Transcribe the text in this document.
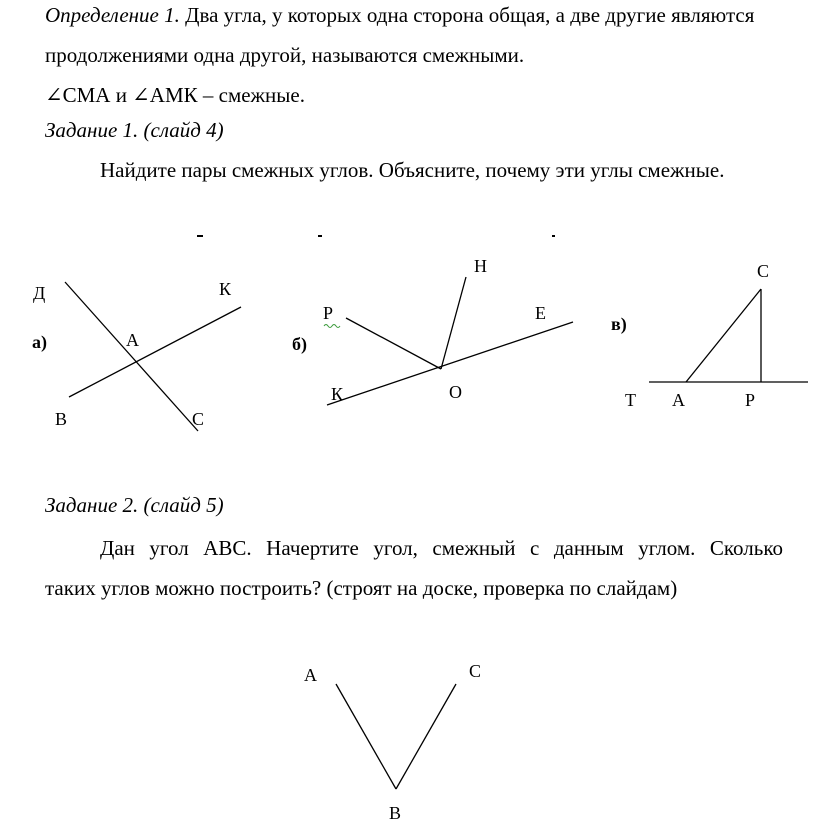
Определение 1. Два угла, у которых одна сторона общая, а две другие являются
продолжениями одна другой, называются смежными.
∠СМА и ∠АМК – смежные.
Задание 1. (слайд 4)
Найдите пары смежных углов. Объясните, почему эти углы смежные.
а)
Д	К
А
В	С
б)
Н
Р	Е
К	О
в)
С
Т А	Р
Задание 2. (слайд 5)
Дан угол АВС. Начертите угол, смежный с данным углом. Сколько
таких углов можно построить? (строят на доске, проверка по слайдам)
А	С
В
